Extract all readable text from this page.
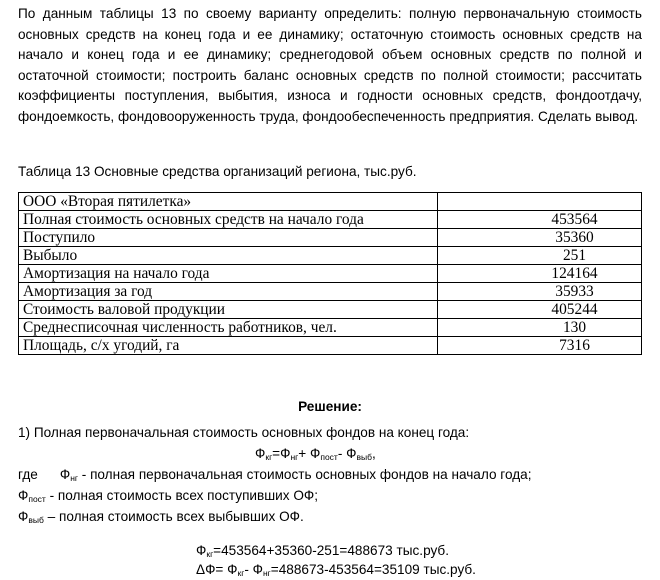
По данным таблицы 13 по своему варианту определить: полную первоначальную стоимость основных средств на конец года и ее динамику; остаточную стоимость основных средств на начало и конец года и ее динамику; среднегодовой объем основных средств по полной и остаточной стоимости; построить баланс основных средств по полной стоимости; рассчитать коэффициенты поступления, выбытия, износа и годности основных средств, фондоотдачу, фондоемкость, фондовооруженность труда, фондообеспеченность предприятия. Сделать вывод.

Таблица 13 Основные средства организаций региона, тыс.руб.

ООО «Вторая пятилетка»	
Полная стоимость основных средств на начало года	453564
Поступило	35360
Выбыло	251
Амортизация на начало года	124164
Амортизация за год	35933
Стоимость валовой продукции	405244
Среднесписочная численность работников, чел.	130
Площадь, с/х угодий, га	7316

Решение:

1) Полная первоначальная стоимость основных фондов на конец года:

$Ф_{кг}=Ф_{нг}+ Ф_{пост}-$ $Ф_{выб}$,

где $Ф_{нг}$ - полная первоначальная стоимость основных фондов на начало года;

$Ф_{пост}$ - полная стоимость всех поступивших ОФ;

$Ф_{выб}$ – полная стоимость всех выбывших ОФ.

$Ф_{кг}=453564+35360-251=488673$ тыс.руб.

$\Delta Ф= Ф_{кг}-$ $Ф_{нг}=488673-453564=35109$ тыс.руб.
